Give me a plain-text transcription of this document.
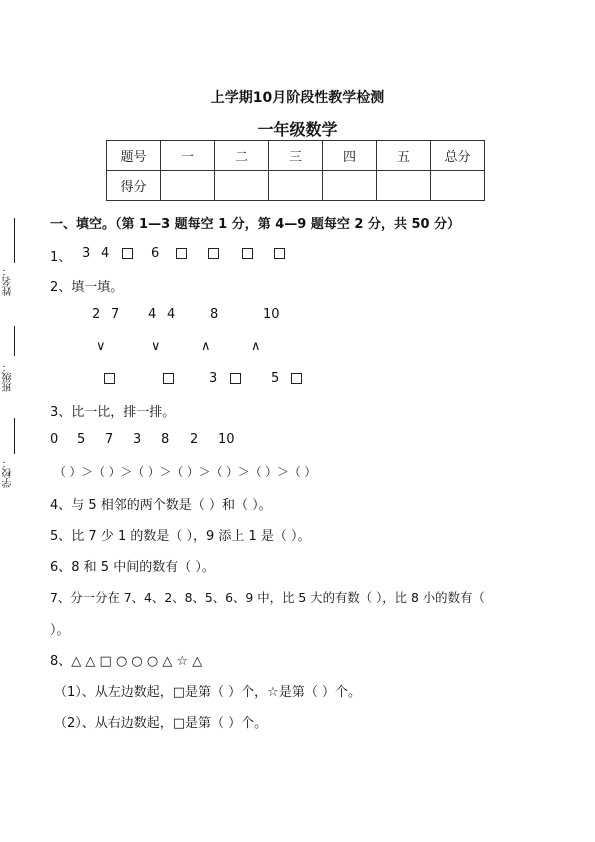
上学期10月阶段性教学检测
一年级数学
题号	一	二	三	四	五	总分
得分						
姓名：
班级：
学校：
一、填空。（第 1—3 题每空 1 分，第 4—9 题每空 2 分，共 50 分）
1、 3 4	6
2、填一填。
2 7 4 4	8	10
∨	∨	∧	∧
3	5
3、比一比，排一排。
0 5 7 3 8 2 10
（ ）＞（ ）＞（ ）＞（ ）＞（ ）＞（ ）＞（ ）
4、与 5 相邻的两个数是（ ）和（ ）。
5、比 7 少 1 的数是（ ），9 添上 1 是（ ）。
6、8 和 5 中间的数有（ ）。
7、分一分在 7、4、2、8、5、6、9 中，比 5 大的有数（ ），比 8 小的数有（
）。
8、△ △ □ ○ ○ ○ △ ☆ △
（1）、从左边数起，□是第（ ）个，☆是第（ ）个。
（2）、从右边数起，□是第（ ）个。
